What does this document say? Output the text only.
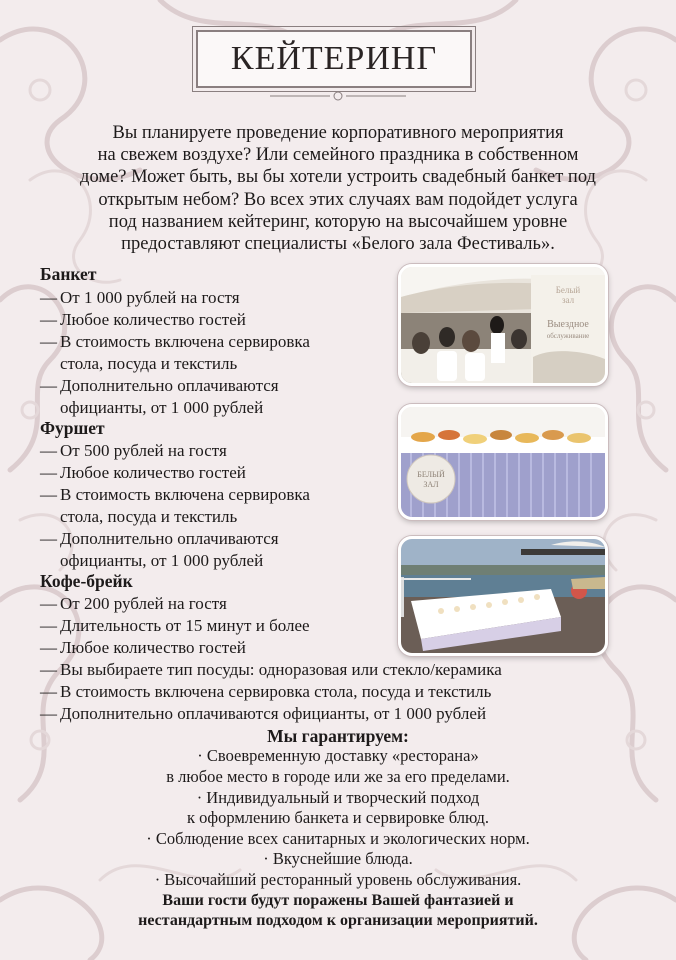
КЕЙТЕРИНГ

Вы планируете проведение корпоративного мероприятия
на свежем воздухе? Или семейного праздника в собственном
доме? Может быть, вы бы хотели устроить свадебный банкет под
открытым небом? Во всех этих случаях вам подойдет услуга
под названием кейтеринг, которую на высочайшем уровне
предоставляют специалисты «Белого зала Фестиваль».

Банкет
— От 1 000 рублей на гостя
— Любое количество гостей
— В стоимость включена сервировка
стола, посуда и текстиль
— Дополнительно оплачиваются
официанты, от 1 000 рублей
Фуршет
— От 500 рублей на гостя
— Любое количество гостей
— В стоимость включена сервировка
стола, посуда и текстиль
— Дополнительно оплачиваются
официанты, от 1 000 рублей
Кофе-брейк
— От 200 рублей на гостя
— Длительность от 15 минут и более
— Любое количество гостей
— Вы выбираете тип посуды: одноразовая или стекло/керамика
— В стоимость включена сервировка стола, посуда и текстиль
— Дополнительно оплачиваются официанты, от 1 000 рублей
Белый
зал
Выездное
обслуживание
БЕЛЫЙ
ЗАЛ
Мы гарантируем:
· Своевременную доставку «ресторана»
в любое место в городе или же за его пределами.
· Индивидуальный и творческий подход
к оформлению банкета и сервировке блюд.
· Соблюдение всех санитарных и экологических норм.
· Вкуснейшие блюда.
· Высочайший ресторанный уровень обслуживания.
Ваши гости будут поражены Вашей фантазией и
нестандартным подходом к организации мероприятий.
